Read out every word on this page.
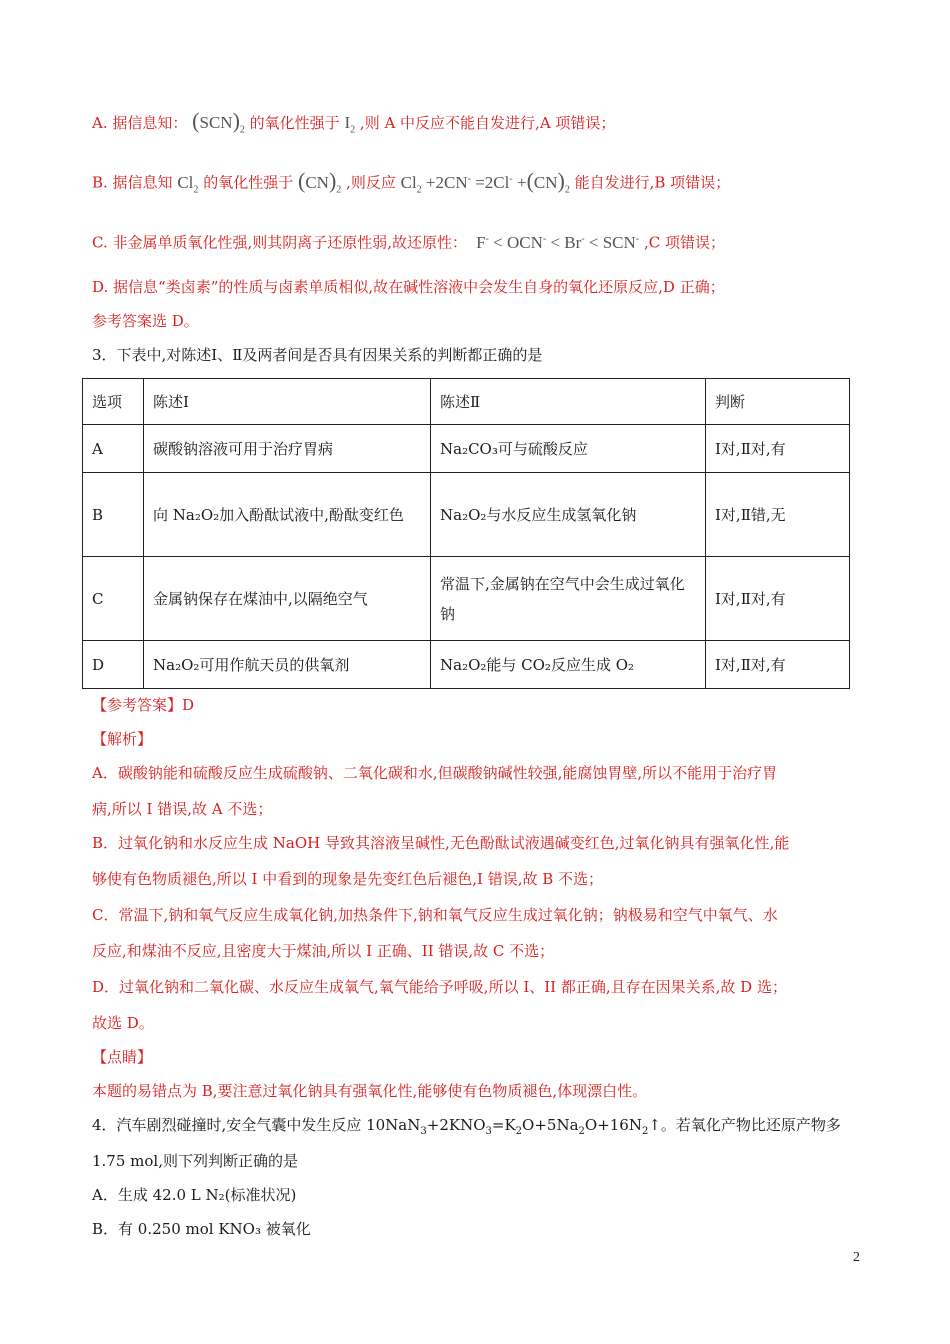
A. 据信息知： $(SCN)_2$ 的氧化性强于 $I_2$ ,则 A 中反应不能自发进行,A 项错误；
B. 据信息知 $Cl_2$ 的氧化性强于 $(CN)_2$ ,则反应 $Cl_2 +2CN^- =2Cl^- +(CN)_2$ 能自发进行,B 项错误；
C. 非金属单质氧化性强,则其阴离子还原性弱,故还原性：  F- < OCN- < Br- < SCN- ,C 项错误；
D. 据信息“类卤素”的性质与卤素单质相似,故在碱性溶液中会发生自身的氧化还原反应,D 正确；
参考答案选 D。
3．下表中,对陈述Ⅰ、Ⅱ及两者间是否具有因果关系的判断都正确的是
选项	陈述Ⅰ	陈述Ⅱ	判断
A	碳酸钠溶液可用于治疗胃病	Na₂CO₃可与硫酸反应	Ⅰ对,Ⅱ对,有
B	向 Na₂O₂加入酚酞试液中,酚酞变红色	Na₂O₂与水反应生成氢氧化钠	Ⅰ对,Ⅱ错,无
C	金属钠保存在煤油中,以隔绝空气	常温下,金属钠在空气中会生成过氧化钠	Ⅰ对,Ⅱ对,有
D	Na₂O₂可用作航天员的供氧剂	Na₂O₂能与 CO₂反应生成 O₂	Ⅰ对,Ⅱ对,有
【参考答案】D
【解析】
A．碳酸钠能和硫酸反应生成硫酸钠、二氧化碳和水,但碳酸钠碱性较强,能腐蚀胃壁,所以不能用于治疗胃
病,所以 I 错误,故 A 不选；
B．过氧化钠和水反应生成 NaOH 导致其溶液呈碱性,无色酚酞试液遇碱变红色,过氧化钠具有强氧化性,能
够使有色物质褪色,所以 I 中看到的现象是先变红色后褪色,I 错误,故 B 不选；
C．常温下,钠和氧气反应生成氧化钠,加热条件下,钠和氧气反应生成过氧化钠；钠极易和空气中氧气、水
反应,和煤油不反应,且密度大于煤油,所以 I 正确、II 错误,故 C 不选；
D．过氧化钠和二氧化碳、水反应生成氧气,氧气能给予呼吸,所以 I、II 都正确,且存在因果关系,故 D 选；
故选 D。
【点睛】
本题的易错点为 B,要注意过氧化钠具有强氧化性,能够使有色物质褪色,体现漂白性。
4．汽车剧烈碰撞时,安全气囊中发生反应 $10NaN_3+2KNO_3=K_2O+5Na_2O+16N_2↑$。若氧化产物比还原产物多
1.75 mol,则下列判断正确的是
A．生成 42.0 L N₂(标准状况)
B．有 0.250 mol KNO₃ 被氧化
2
